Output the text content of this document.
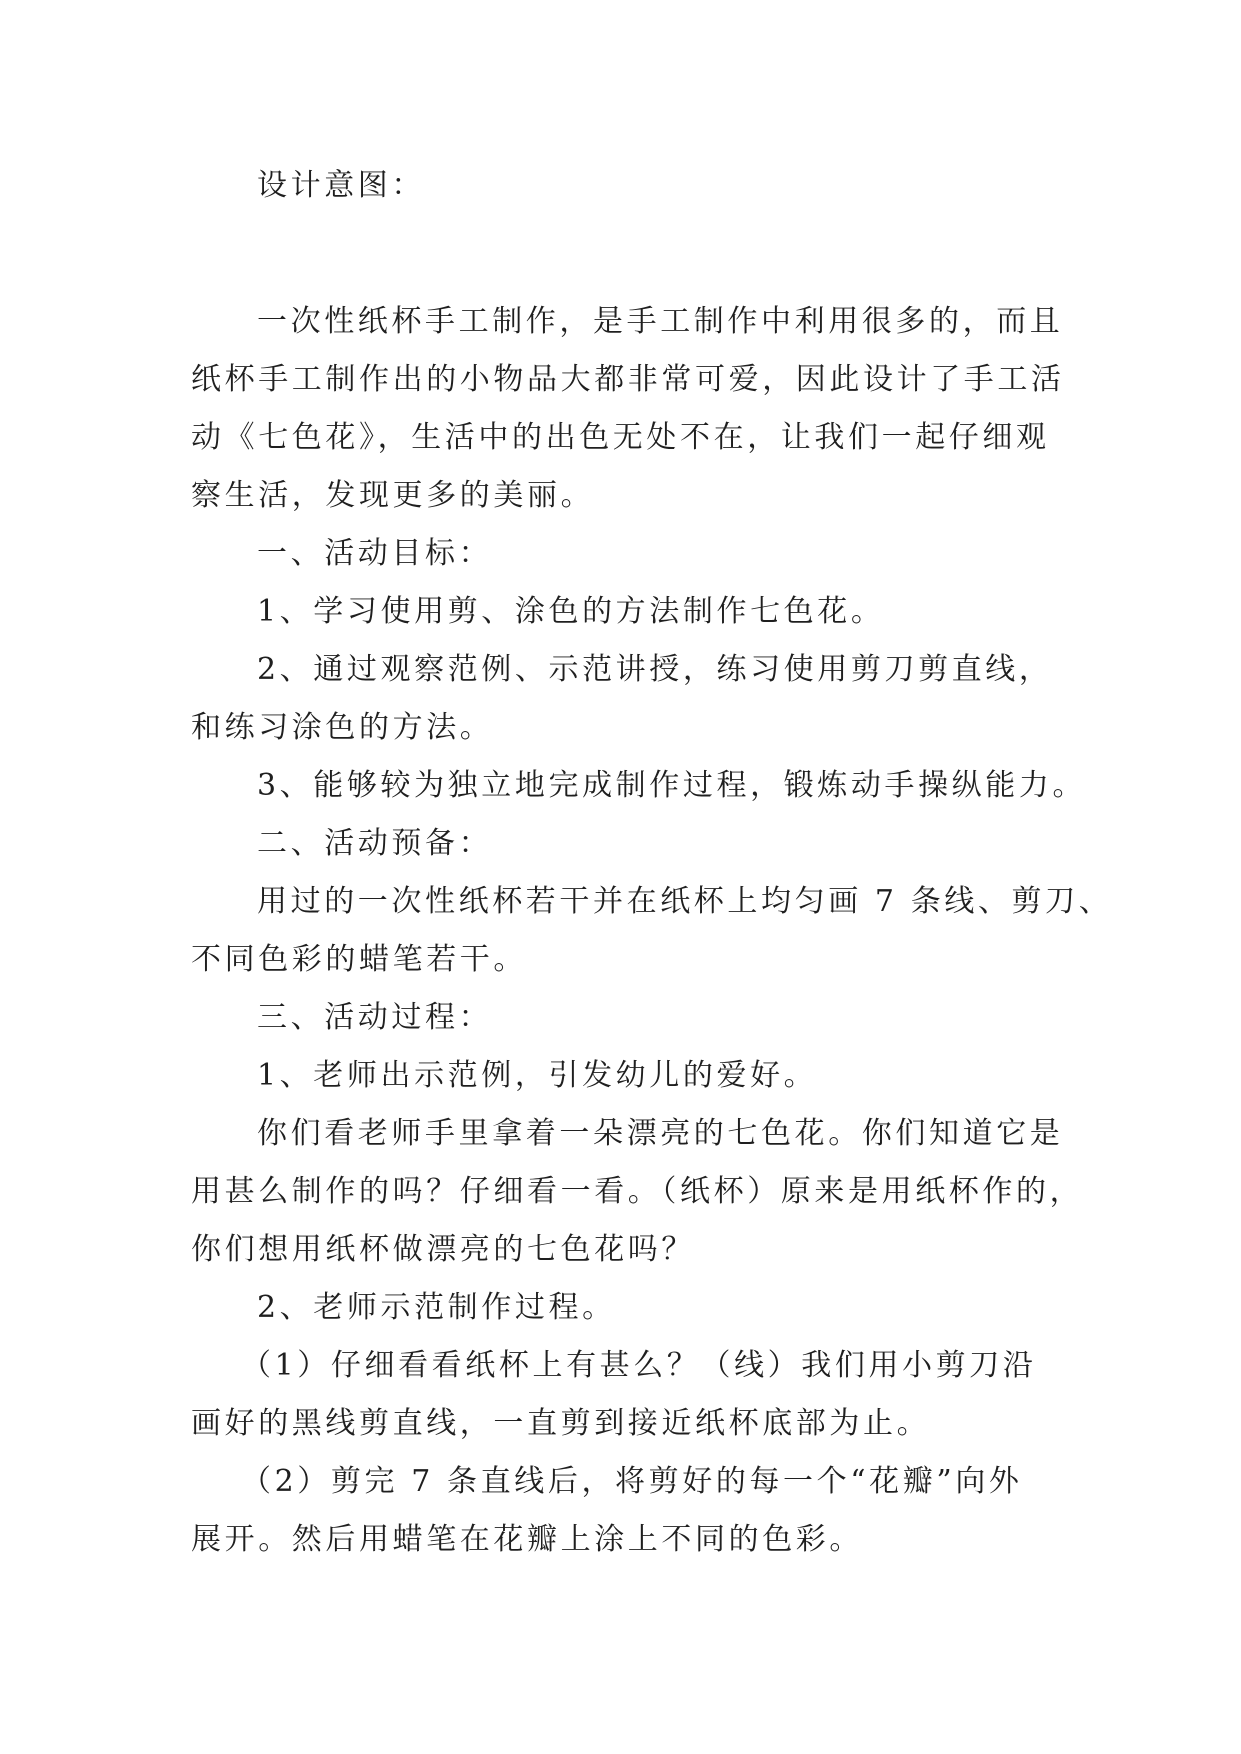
设计意图：

一次性纸杯手工制作，是手工制作中利用很多的，而且

纸杯手工制作出的小物品大都非常可爱，因此设计了手工活

动《七色花》，生活中的出色无处不在，让我们一起仔细观

察生活，发现更多的美丽。

一、活动目标：

1、学习使用剪、涂色的方法制作七色花。

2、通过观察范例、示范讲授，练习使用剪刀剪直线，

和练习涂色的方法。

3、能够较为独立地完成制作过程，锻炼动手操纵能力。

二、活动预备：

用过的一次性纸杯若干并在纸杯上均匀画 7 条线、剪刀、

不同色彩的蜡笔若干。

三、活动过程：

1、老师出示范例，引发幼儿的爱好。

你们看老师手里拿着一朵漂亮的七色花。你们知道它是

用甚么制作的吗？仔细看一看。（纸杯）原来是用纸杯作的，

你们想用纸杯做漂亮的七色花吗？

2、老师示范制作过程。

（1）仔细看看纸杯上有甚么？（线）我们用小剪刀沿

画好的黑线剪直线，一直剪到接近纸杯底部为止。

（2）剪完 7 条直线后，将剪好的每一个“花瓣”向外

展开。然后用蜡笔在花瓣上涂上不同的色彩。
